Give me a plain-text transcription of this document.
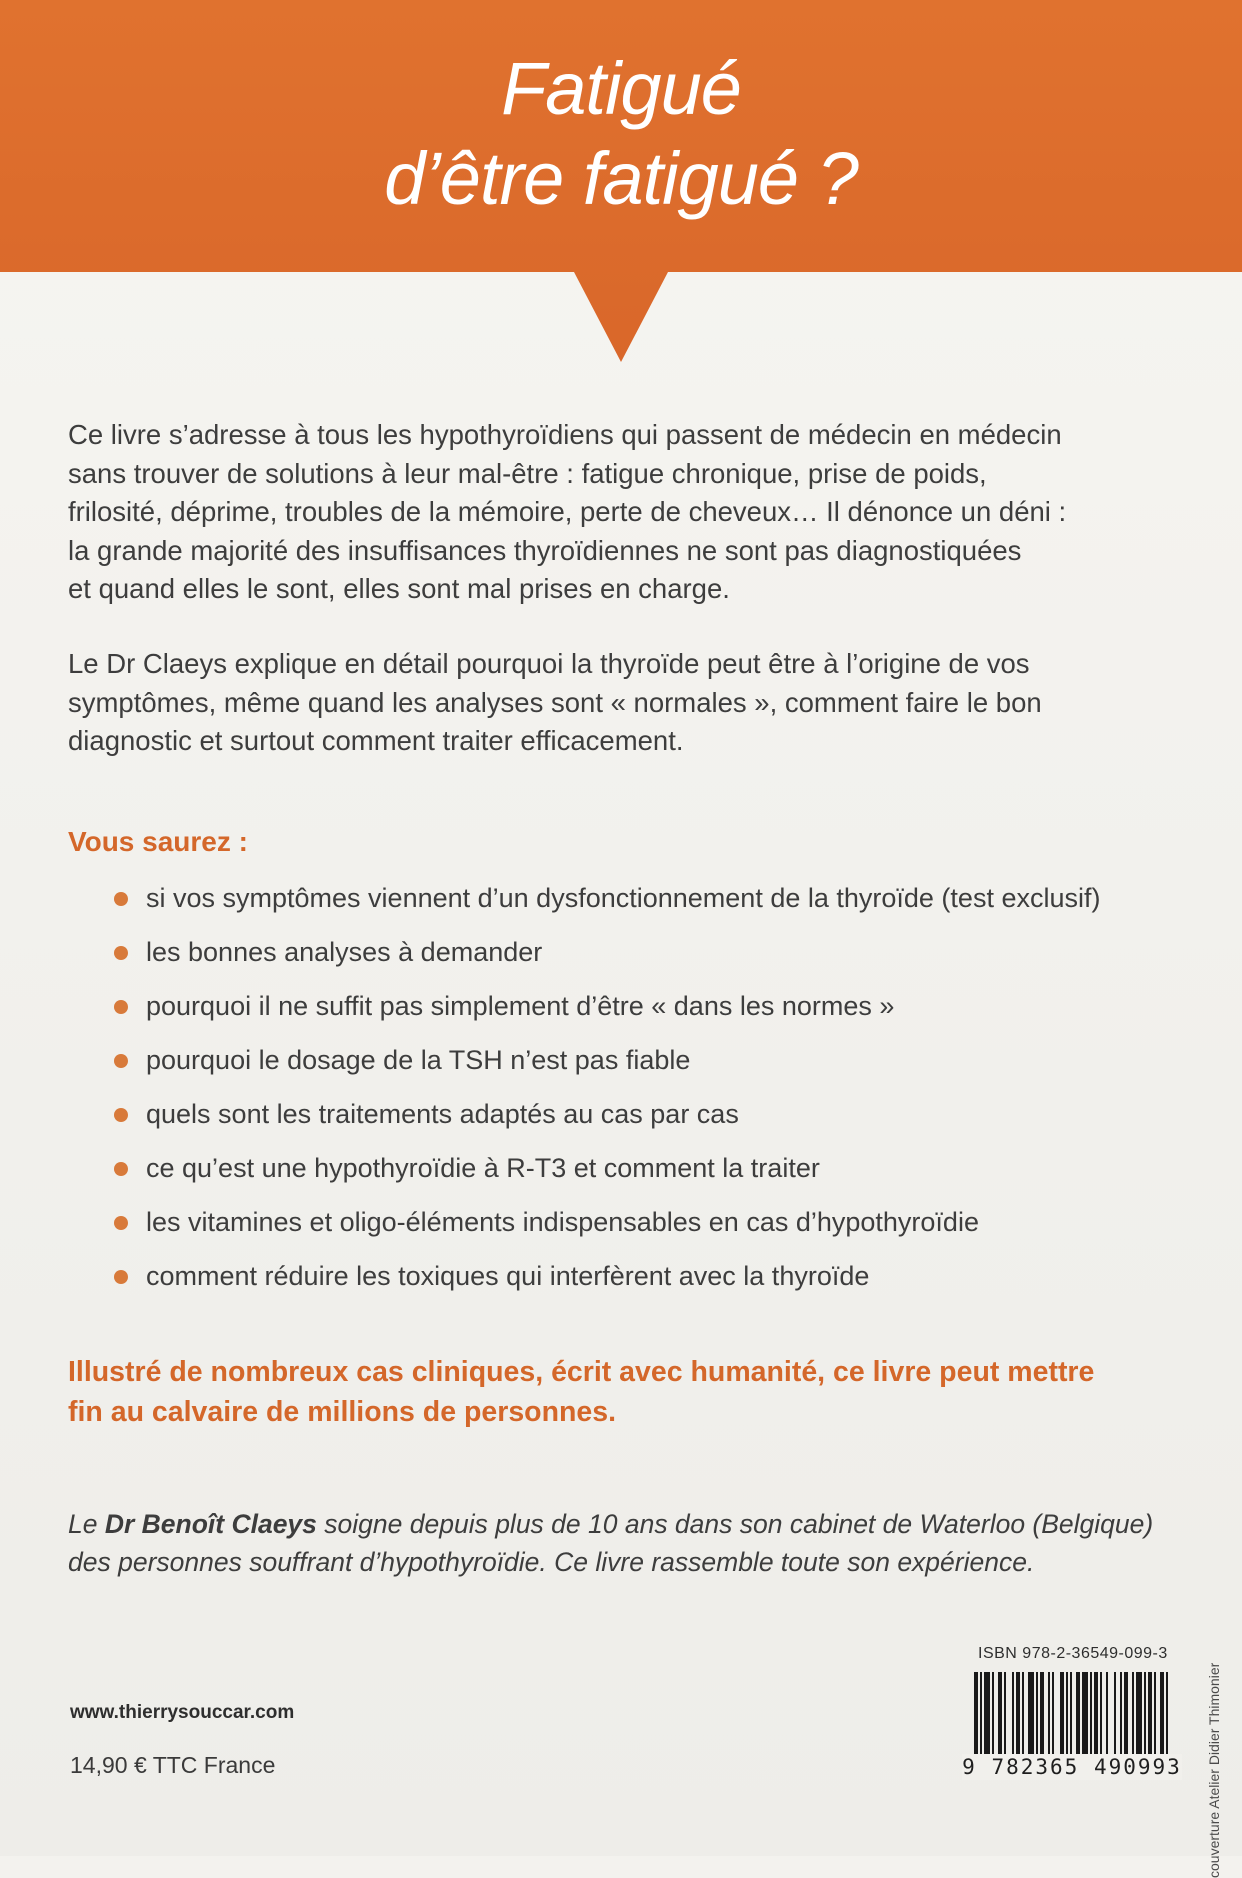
Fatigué
d’être fatigué ?
Ce livre s’adresse à tous les hypothyroïdiens qui passent de médecin en médecin
sans trouver de solutions à leur mal-être : fatigue chronique, prise de poids,
frilosité, déprime, troubles de la mémoire, perte de cheveux… Il dénonce un déni :
la grande majorité des insuffisances thyroïdiennes ne sont pas diagnostiquées
et quand elles le sont, elles sont mal prises en charge.
Le Dr Claeys explique en détail pourquoi la thyroïde peut être à l’origine de vos
symptômes, même quand les analyses sont « normales », comment faire le bon
diagnostic et surtout comment traiter efficacement.
Vous saurez :
si vos symptômes viennent d’un dysfonctionnement de la thyroïde (test exclusif)
les bonnes analyses à demander
pourquoi il ne suffit pas simplement d’être « dans les normes »
pourquoi le dosage de la TSH n’est pas fiable
quels sont les traitements adaptés au cas par cas
ce qu’est une hypothyroïdie à R-T3 et comment la traiter
les vitamines et oligo-éléments indispensables en cas d’hypothyroïdie
comment réduire les toxiques qui interfèrent avec la thyroïde
Illustré de nombreux cas cliniques, écrit avec humanité, ce livre peut mettre
fin au calvaire de millions de personnes.
Le Dr Benoît Claeys soigne depuis plus de 10 ans dans son cabinet de Waterloo (Belgique)
des personnes souffrant d’hypothyroïdie. Ce livre rassemble toute son expérience.
www.thierrysouccar.com
14,90 € TTC France
ISBN 978-2-36549-099-3
9 782365 490993 couverture Atelier Didier Thimonier
